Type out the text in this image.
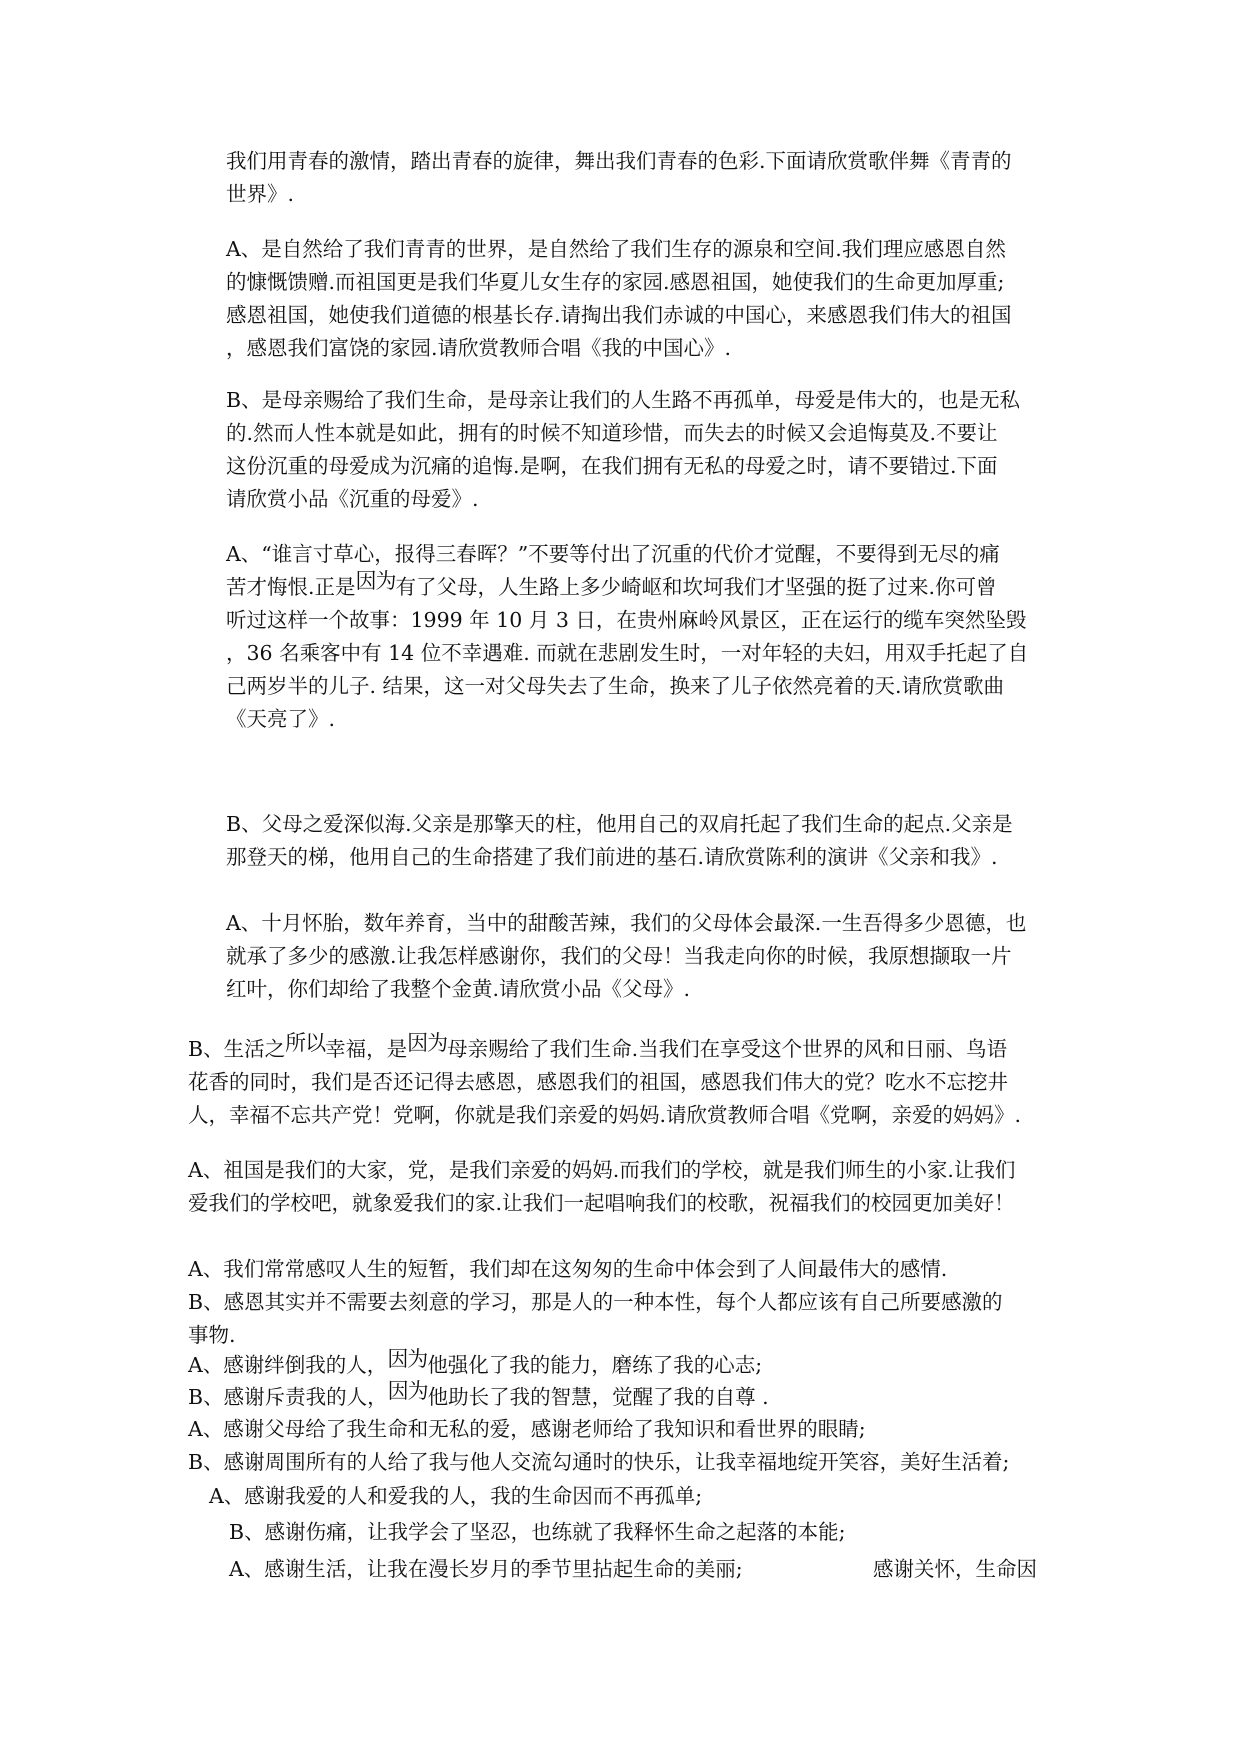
我们用青春的激情，踏出青春的旋律，舞出我们青春的色彩.下面请欣赏歌伴舞《青青的
世界》.
A、是自然给了我们青青的世界，是自然给了我们生存的源泉和空间.我们理应感恩自然
的慷慨馈赠.而祖国更是我们华夏儿女生存的家园.感恩祖国，她使我们的生命更加厚重;
感恩祖国，她使我们道德的根基长存.请掏出我们赤诚的中国心，来感恩我们伟大的祖国
，感恩我们富饶的家园.请欣赏教师合唱《我的中国心》.
B、是母亲赐给了我们生命，是母亲让我们的人生路不再孤单，母爱是伟大的，也是无私
的.然而人性本就是如此，拥有的时候不知道珍惜，而失去的时候又会追悔莫及.不要让
这份沉重的母爱成为沉痛的追悔.是啊，在我们拥有无私的母爱之时，请不要错过.下面
请欣赏小品《沉重的母爱》.
A、“谁言寸草心，报得三春晖？”不要等付出了沉重的代价才觉醒，不要得到无尽的痛
苦才悔恨.正是因为有了父母，人生路上多少崎岖和坎坷我们才坚强的挺了过来.你可曾
听过这样一个故事：1999 年 10 月 3 日，在贵州麻岭风景区，正在运行的缆车突然坠毁
，36 名乘客中有 14 位不幸遇难. 而就在悲剧发生时，一对年轻的夫妇，用双手托起了自
己两岁半的儿子. 结果，这一对父母失去了生命，换来了儿子依然亮着的天.请欣赏歌曲
《天亮了》.
B、父母之爱深似海.父亲是那擎天的柱，他用自己的双肩托起了我们生命的起点.父亲是
那登天的梯，他用自己的生命搭建了我们前进的基石.请欣赏陈利的演讲《父亲和我》.
A、十月怀胎，数年养育，当中的甜酸苦辣，我们的父母体会最深.一生吾得多少恩德，也
就承了多少的感激.让我怎样感谢你，我们的父母！当我走向你的时候，我原想撷取一片
红叶，你们却给了我整个金黄.请欣赏小品《父母》.
B、生活之所以幸福，是因为母亲赐给了我们生命.当我们在享受这个世界的风和日丽、鸟语
花香的同时，我们是否还记得去感恩，感恩我们的祖国，感恩我们伟大的党？吃水不忘挖井
人，幸福不忘共产党！党啊，你就是我们亲爱的妈妈.请欣赏教师合唱《党啊，亲爱的妈妈》.
A、祖国是我们的大家，党，是我们亲爱的妈妈.而我们的学校，就是我们师生的小家.让我们
爱我们的学校吧，就象爱我们的家.让我们一起唱响我们的校歌，祝福我们的校园更加美好！
A、我们常常感叹人生的短暂，我们却在这匆匆的生命中体会到了人间最伟大的感情.
B、感恩其实并不需要去刻意的学习，那是人的一种本性，每个人都应该有自己所要感激的
事物.
A、感谢绊倒我的人，因为他强化了我的能力，磨练了我的心志;
B、感谢斥责我的人，因为他助长了我的智慧，觉醒了我的自尊 .
A、感谢父母给了我生命和无私的爱，感谢老师给了我知识和看世界的眼睛;
B、感谢周围所有的人给了我与他人交流勾通时的快乐，让我幸福地绽开笑容，美好生活着;
A、感谢我爱的人和爱我的人，我的生命因而不再孤单;
B、感谢伤痛，让我学会了坚忍，也练就了我释怀生命之起落的本能;
A、感谢生活，让我在漫长岁月的季节里拈起生命的美丽;	感谢关怀，生命因
